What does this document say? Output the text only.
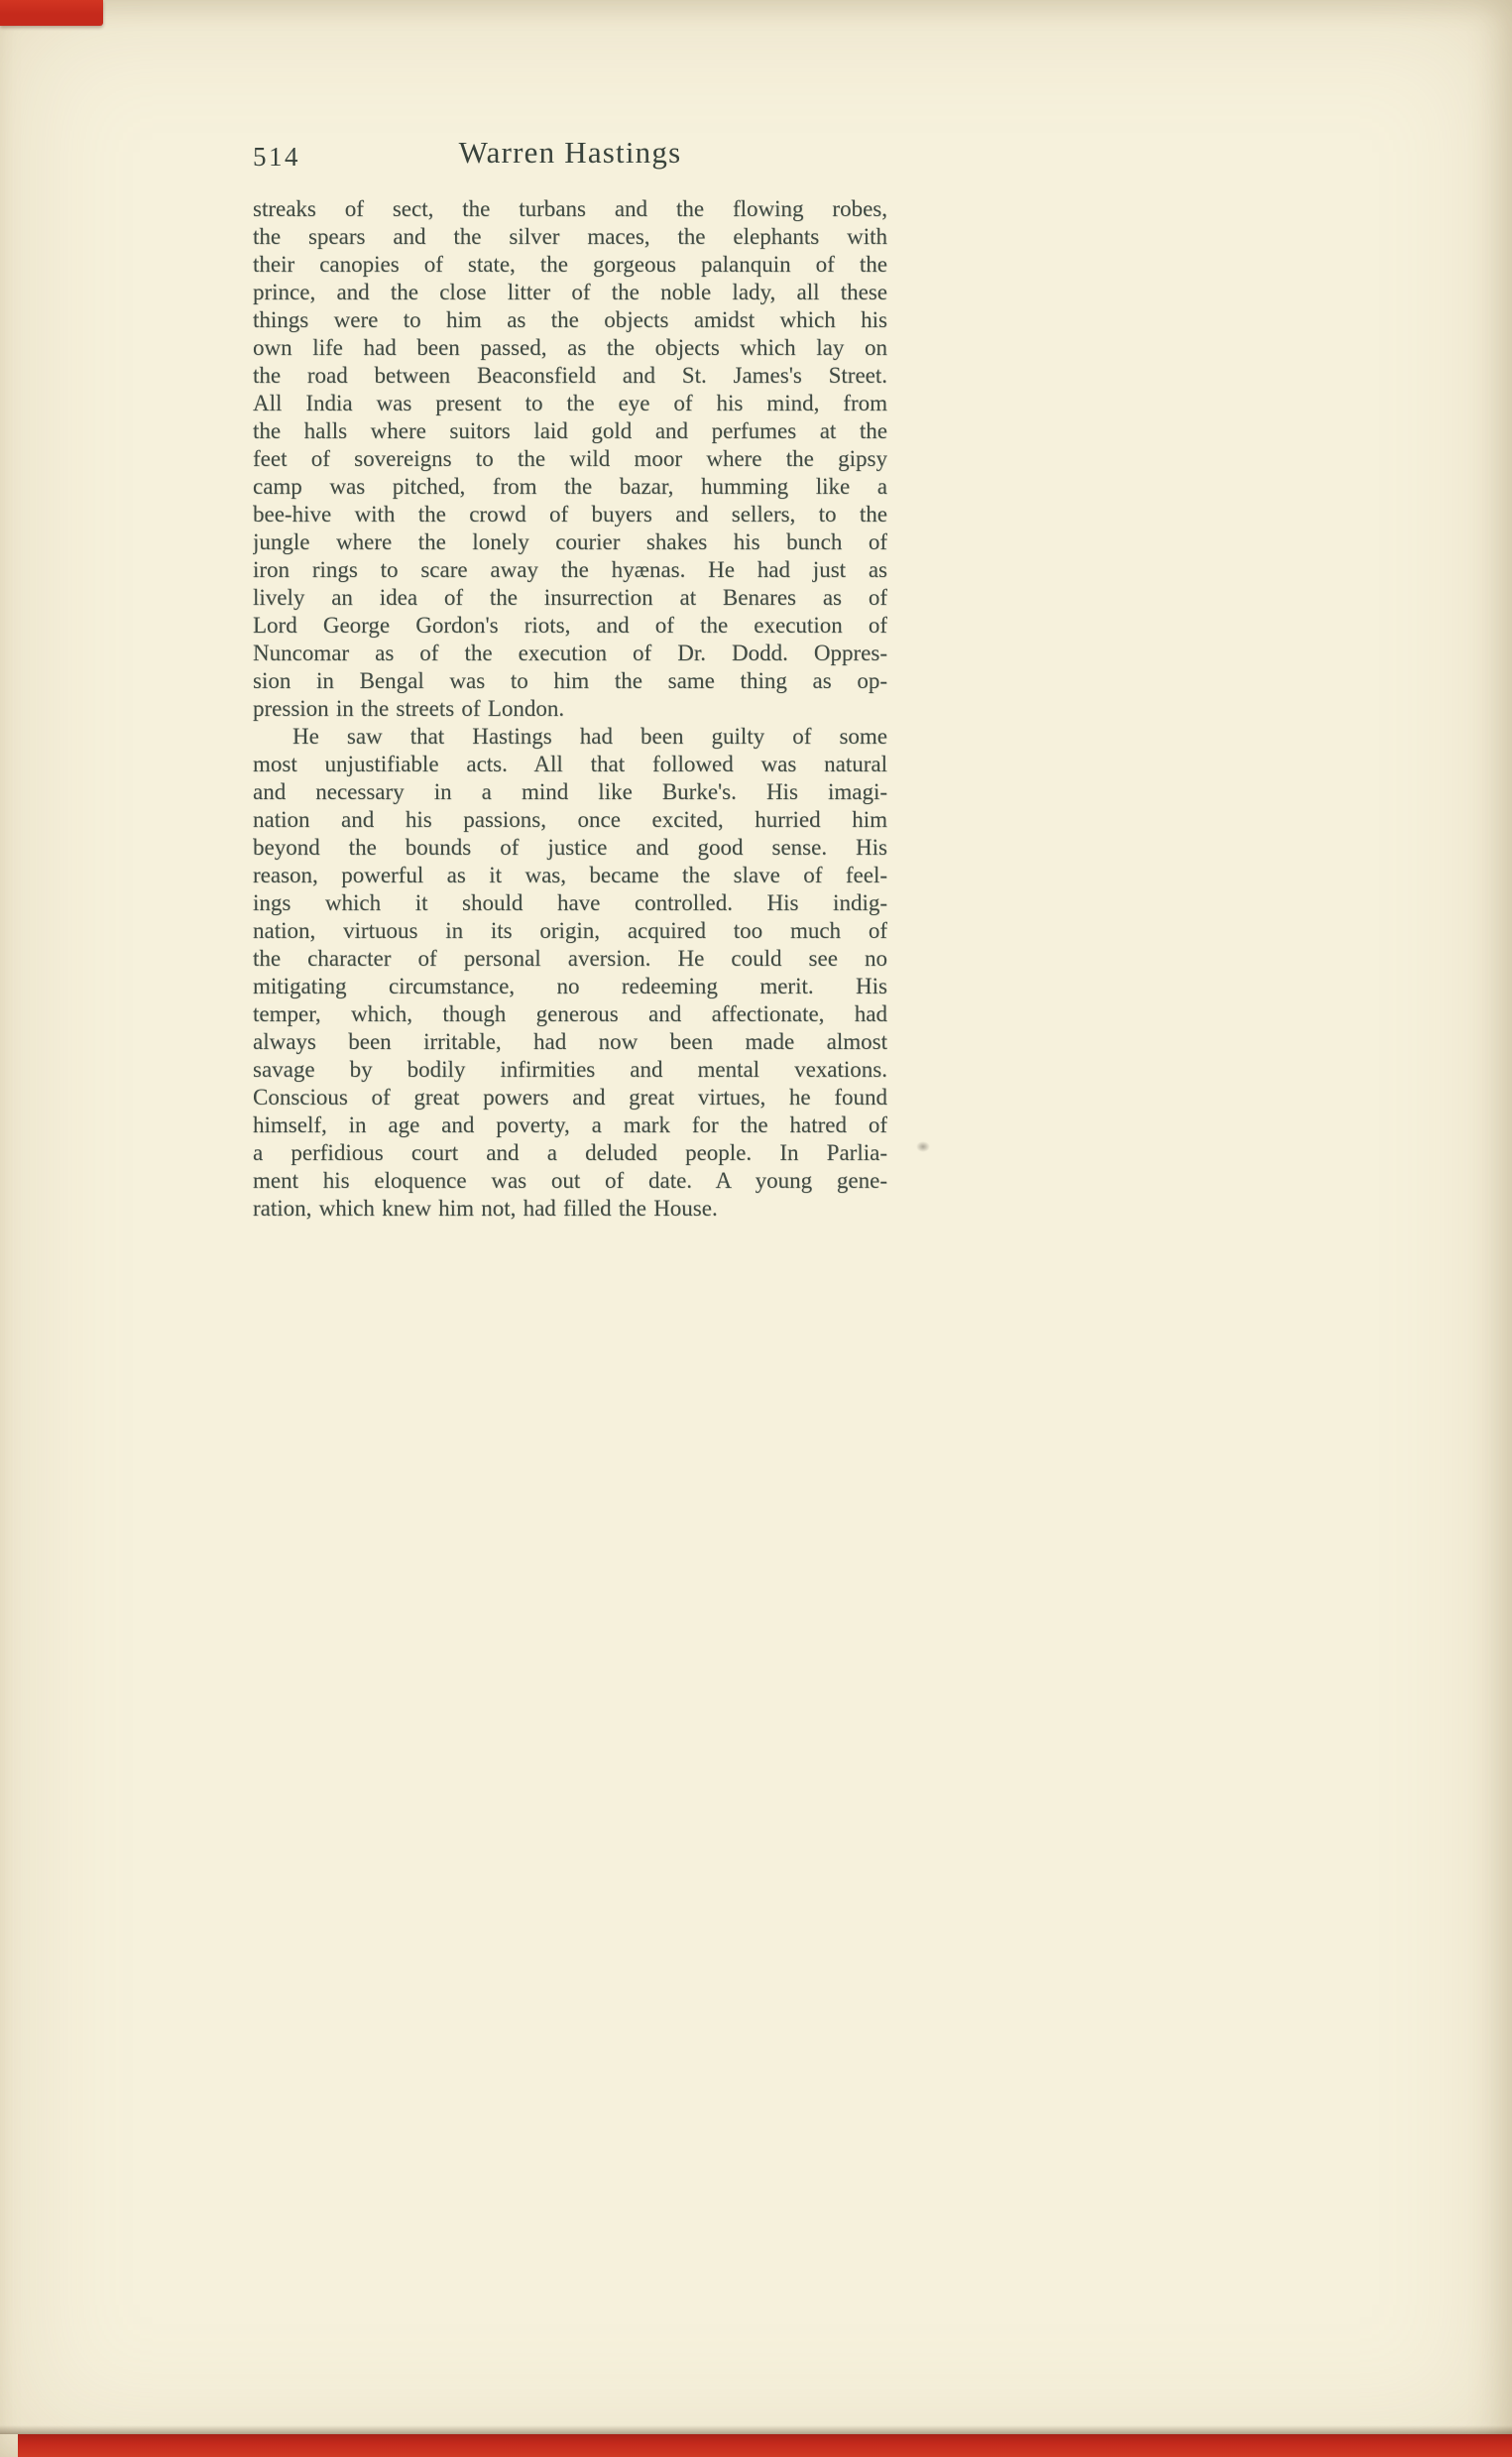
514	Warren Hastings
streaks of sect, the turbans and the flowing robes,
the spears and the silver maces, the elephants with
their canopies of state, the gorgeous palanquin of the
prince, and the close litter of the noble lady, all these
things were to him as the objects amidst which his
own life had been passed, as the objects which lay on
the road between Beaconsfield and St. James's Street.
All India was present to the eye of his mind, from
the halls where suitors laid gold and perfumes at the
feet of sovereigns to the wild moor where the gipsy
camp was pitched, from the bazar, humming like a
bee-hive with the crowd of buyers and sellers, to the
jungle where the lonely courier shakes his bunch of
iron rings to scare away the hyænas. He had just as
lively an idea of the insurrection at Benares as of
Lord George Gordon's riots, and of the execution of
Nuncomar as of the execution of Dr. Dodd. Oppres-
sion in Bengal was to him the same thing as op-
pression in the streets of London.
He saw that Hastings had been guilty of some
most unjustifiable acts. All that followed was natural
and necessary in a mind like Burke's. His imagi-
nation and his passions, once excited, hurried him
beyond the bounds of justice and good sense. His
reason, powerful as it was, became the slave of feel-
ings which it should have controlled. His indig-
nation, virtuous in its origin, acquired too much of
the character of personal aversion. He could see no
mitigating circumstance, no redeeming merit. His
temper, which, though generous and affectionate, had
always been irritable, had now been made almost
savage by bodily infirmities and mental vexations.
Conscious of great powers and great virtues, he found
himself, in age and poverty, a mark for the hatred of
a perfidious court and a deluded people. In Parlia-
ment his eloquence was out of date. A young gene-
ration, which knew him not, had filled the House.
